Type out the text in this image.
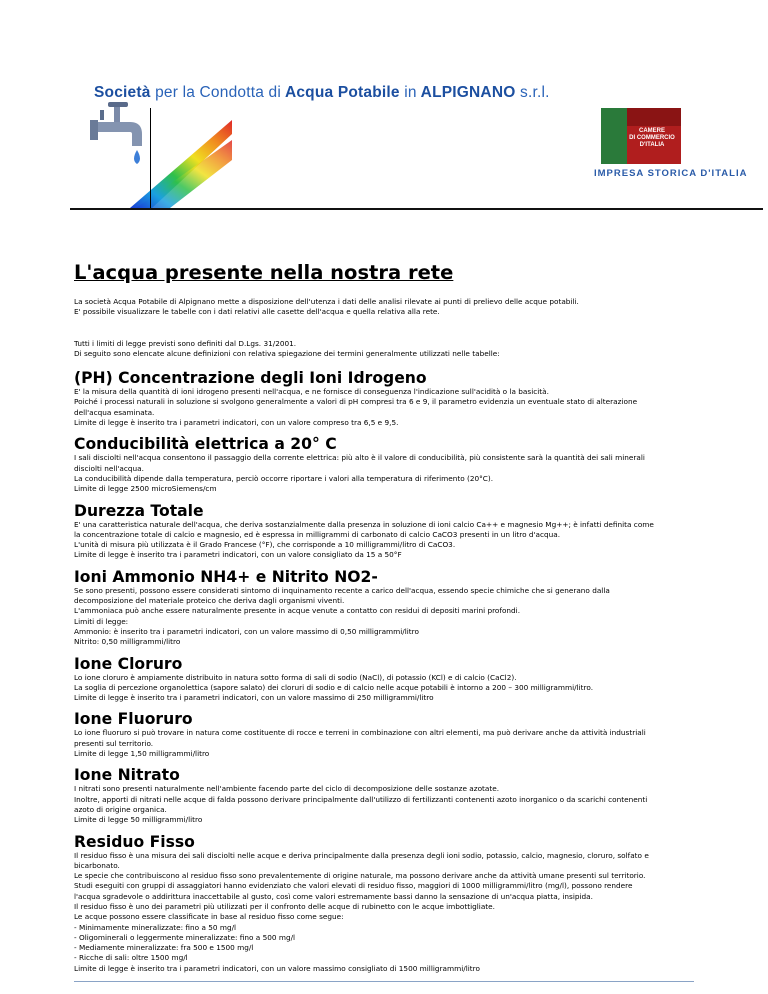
Società per la Condotta di Acqua Potabile in ALPIGNANO s.r.l.
CAMERE
DI COMMERCIO
D'ITALIA
IMPRESA STORICA D'ITALIA
L'acqua presente nella nostra rete

La società Acqua Potabile di Alpignano mette a disposizione dell'utenza i dati delle analisi rilevate ai punti di prelievo delle acque potabili.
E' possibile visualizzare le tabelle con i dati relativi alle casette dell'acqua e quella relativa alla rete.

Tutti i limiti di legge previsti sono definiti dal D.Lgs. 31/2001.
Di seguito sono elencate alcune definizioni con relativa spiegazione dei termini generalmente utilizzati nelle tabelle:

(PH) Concentrazione degli Ioni Idrogeno

E' la misura della quantità di ioni idrogeno presenti nell'acqua, e ne fornisce di conseguenza l'indicazione sull'acidità o la basicità.
Poiché i processi naturali in soluzione si svolgono generalmente a valori di pH compresi tra 6 e 9, il parametro evidenzia un eventuale stato di alterazione
dell'acqua esaminata.
Limite di legge è inserito tra i parametri indicatori, con un valore compreso tra 6,5 e 9,5.

Conducibilità elettrica a 20° C

I sali disciolti nell'acqua consentono il passaggio della corrente elettrica: più alto è il valore di conducibilità, più consistente sarà la quantità dei sali minerali
disciolti nell'acqua.
La conducibilità dipende dalla temperatura, perciò occorre riportare i valori alla temperatura di riferimento (20°C).
Limite di legge 2500 microSiemens/cm

Durezza Totale

E' una caratteristica naturale dell'acqua, che deriva sostanzialmente dalla presenza in soluzione di ioni calcio Ca++ e magnesio Mg++; è infatti definita come
la concentrazione totale di calcio e magnesio, ed è espressa in milligrammi di carbonato di calcio CaCO3 presenti in un litro d'acqua.
L'unità di misura più utilizzata è il Grado Francese (°F), che corrisponde a 10 milligrammi/litro di CaCO3.
Limite di legge è inserito tra i parametri indicatori, con un valore consigliato da 15 a 50°F

Ioni Ammonio NH4+ e Nitrito NO2-

Se sono presenti, possono essere considerati sintomo di inquinamento recente a carico dell'acqua, essendo specie chimiche che si generano dalla
decomposizione del materiale proteico che deriva dagli organismi viventi.
L'ammoniaca può anche essere naturalmente presente in acque venute a contatto con residui di depositi marini profondi.
Limiti di legge:
Ammonio: è inserito tra i parametri indicatori, con un valore massimo di 0,50 milligrammi/litro
Nitrito: 0,50 milligrammi/litro

Ione Cloruro

Lo ione cloruro è ampiamente distribuito in natura sotto forma di sali di sodio (NaCl), di potassio (KCl) e di calcio (CaCl2).
La soglia di percezione organolettica (sapore salato) dei cloruri di sodio e di calcio nelle acque potabili è intorno a 200 – 300 milligrammi/litro.
Limite di legge è inserito tra i parametri indicatori, con un valore massimo di 250 milligrammi/litro

Ione Fluoruro

Lo ione fluoruro si può trovare in natura come costituente di rocce e terreni in combinazione con altri elementi, ma può derivare anche da attività industriali
presenti sul territorio.
Limite di legge 1,50 milligrammi/litro

Ione Nitrato

I nitrati sono presenti naturalmente nell'ambiente facendo parte del ciclo di decomposizione delle sostanze azotate.
Inoltre, apporti di nitrati nelle acque di falda possono derivare principalmente dall'utilizzo di fertilizzanti contenenti azoto inorganico o da scarichi contenenti
azoto di origine organica.
Limite di legge 50 milligrammi/litro

Residuo Fisso

Il residuo fisso è una misura dei sali disciolti nelle acque e deriva principalmente dalla presenza degli ioni sodio, potassio, calcio, magnesio, cloruro, solfato e
bicarbonato.
Le specie che contribuiscono al residuo fisso sono prevalentemente di origine naturale, ma possono derivare anche da attività umane presenti sul territorio.
Studi eseguiti con gruppi di assaggiatori hanno evidenziato che valori elevati di residuo fisso, maggiori di 1000 milligrammi/litro (mg/l), possono rendere
l'acqua sgradevole o addirittura inaccettabile al gusto, così come valori estremamente bassi danno la sensazione di un'acqua piatta, insipida.
Il residuo fisso è uno dei parametri più utilizzati per il confronto delle acque di rubinetto con le acque imbottigliate.
Le acque possono essere classificate in base al residuo fisso come segue:
- Minimamente mineralizzate: fino a 50 mg/l
- Oligominerali o leggermente mineralizzate: fino a 500 mg/l
- Mediamente mineralizzate: fra 500 e 1500 mg/l
- Ricche di sali: oltre 1500 mg/l
Limite di legge è inserito tra i parametri indicatori, con un valore massimo consigliato di 1500 milligrammi/litro
